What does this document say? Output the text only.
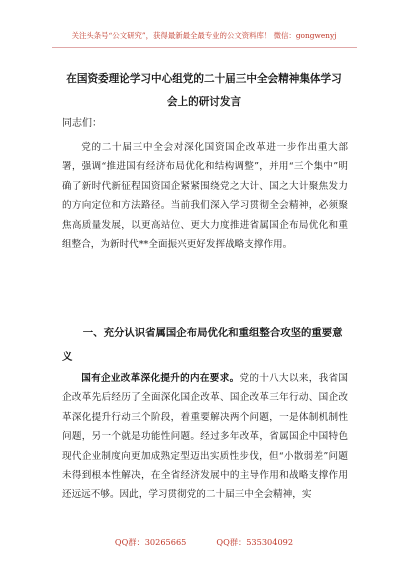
关注头条号“公文研究”，获得最新最全最专业的公文资料库！ 微信：gongwenyj
在国资委理论学习中心组党的二十届三中全会精神集体学习会上的研讨发言
同志们：
党的二十届三中全会对深化国资国企改革进一步作出重大部署，强调“推进国有经济布局优化和结构调整”，并用“三个集中”明确了新时代新征程国资国企紧紧围绕党之大计、国之大计聚焦发力的方向定位和方法路径。当前我们深入学习贯彻全会精神，必须聚焦高质量发展，以更高站位、更大力度推进省属国企布局优化和重组整合，为新时代**全面振兴更好发挥战略支撑作用。
一、充分认识省属国企布局优化和重组整合攻坚的重要意义
国有企业改革深化提升的内在要求。党的十八大以来，我省国企改革先后经历了全面深化国企改革、国企改革三年行动、国企改革深化提升行动三个阶段，着重要解决两个问题，一是体制机制性问题，另一个就是功能性问题。经过多年改革，省属国企中国特色现代企业制度向更加成熟定型迈出实质性步伐，但“小散弱差”问题未得到根本性解决，在全省经济发展中的主导作用和战略支撑作用还远远不够。因此，学习贯彻党的二十届三中全会精神，实
QQ群：30265665	QQ群：535304092
